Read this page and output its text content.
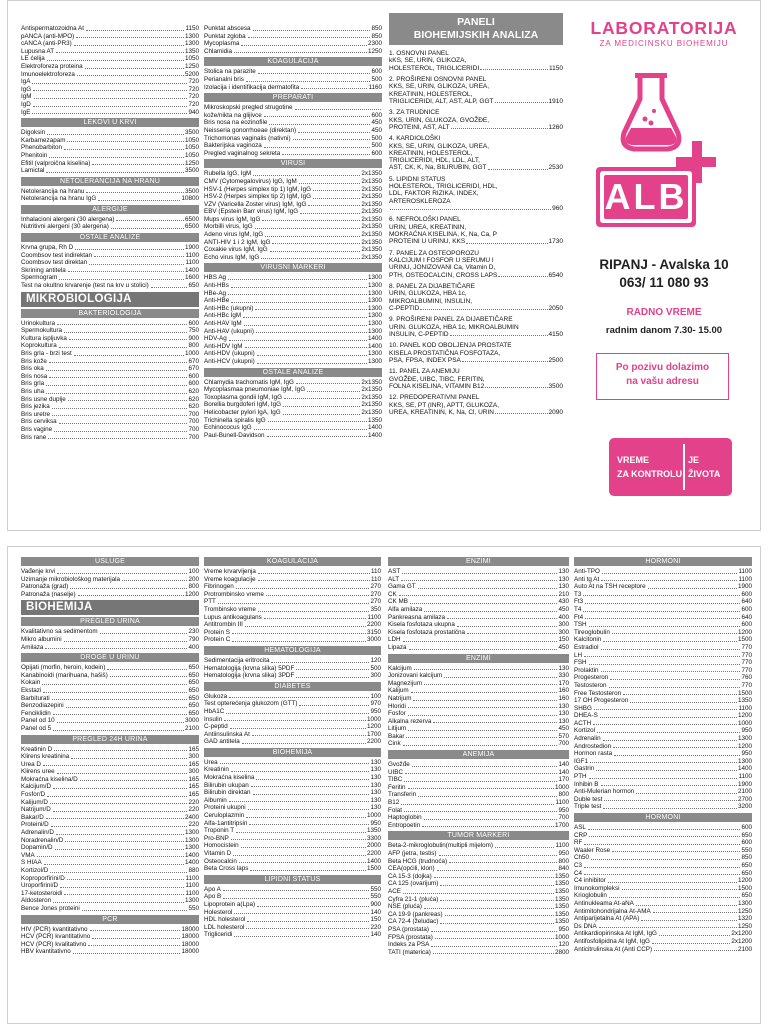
Antispermatozoidna At	1150
pANCA (anti-MPO)	1300
cANCA (anti-PR3)	1300
Lupusna AT	1350
LE ćelija	1050
Elektroforeza proteina	1250
Imunoelektroforeza	5200
IgA	720
IgG	720
IgM	720
IgD	720
IgE	940
LEKOVI U KRVI
Digoksin	3500
Karbamezapam	1050
Phenobarbiton	1050
Phenitoin	1050
Efitil (valproična kiselina)	1250
Lamictal	3500
NETOLERANCIJA NA HRANU
Netolerancija na hranu	3500
Netolerancija na hranu IgG	10800
ALERGIJE
Inhalacioni alergeni (30 alergena)	6500
Nutritivni alergeni (30 alergena)	6500
OSTALE ANALIZE
Krvna grupa, Rh D	1900
Coombsov test indirektan	1100
Coombsov test direktan	1100
Skrining antitela	1400
Spermogram	1600
Test na okultno krvarenje (test na krv u stolici)	650
MIKROBIOLOGIJA
BAKTERIOLOGIJA
Urinokultura	600
Spermokultura	750
Kultura ispljuvka	900
Koprokultura	800
Bris grla - brzi test	1000
Bris kože	670
Bris oka	670
Bris nosa	600
Bris grla	600
Bris uha	620
Bris usne duplje	620
Bris jezika	620
Bris uretre	700
Bris cerviksa	700
Bris vagine	700
Bris rane	700
Punktat abscesa	850
Punktat zgloba	850
Mycoplasma	2300
Chlamidia	1250
KOAGULACIJA
Stolica na parazite	600
Perianalni bris	500
Izolacija i identifikacija dermatofita	1160
PREPARATI
Mikroskopski pregled strugotine
kože/nikta na glijivce	600
Bris nosa na eozinofile	450
Neisseria gonorrhoeae (direktan)	450
Trichomonas vaginalis (nativni)	500
Bakterijska vaginoza	500
Pregled vaginalnog sekreta	600
VIRUSI
Rubella IgG, IgM	2x1350
CMV (Cytomegalovirus) IgG, IgM	2x1350
HSV-1 (Herpes simplex tip 1) IgM, IgG	2x1350
HSV-2 (Herpes simplex tip 2) IgM, IgG	2x1350
VZV (Varicella Zoster virus) IgM, IgG	2x1350
EBV (Epstein Barr virus) IgM, IgG	2x1350
Mups virus IgM, IgG	2x1350
Morbilli virus, IgG	2x1350
Adeno virus IgM, IgG	2x1350
ANTI-HIV 1 i 2 IgM, IgG	2x1350
Coxakie virus IgM, IgG	2x1350
Echo virus IgM, IgG	2x1350
VIRUSNI MARKERI
HBS Ag	1300
Anti-HBs	1300
HBe-Ag	1300
Anti-HBe	1300
Anti-HBc (ukupni)	1300
Anti-HBc IgM	1300
Anti-HAV IgM	1300
Anti-HAV (ukupni)	1300
HDV-Ag	1400
Anti-HDV IgM	1400
Anti-HDV (ukupni)	1300
Anti-HCV (ukupni)	1300
OSTALE ANALIZE
Chlamydia trachomatis IgM, IgG	2x1350
Mycoplasmaa pneumoniae IgM, IgG	2x1350
Toxoplasma gondii IgM, IgG	2x1350
Borellia burgdoferi IgM, IgG	2x1350
Helicobacter pylori IgA, IgG	2x1350
Trichinella spiralis IgG	1350
Echinococus IgG	1400
Paul-Bunell-Davidson	1400
PANELI
BIOHEMIJSKIH ANALIZA
1. OSNOVNI PANEL
kKS, SE, URIN, GLIKOZA,
HOLESTEROL, TRIGLICERIDI	1150
2. PROŠIRENI OSNOVNI PANEL
KKS, SE, URIN, GLIKOZA, UREA,
KREATININ, HOLESTEROL,
TRIGLICERIDI, ALT, AST, ALP, GGT	1910
3. ZA TRUDNICE
KKS, URIN, GLUKOZA, GVOŽĐE,
PROTEINI, AST, ALT	1260
4. KARDIOLOŠKI
KKS, SE, URIN, GLIKOZA, UREA,
KREATININ, HOLESTEROL,
TRIGLICERIDI, HDL, LDL, ALT,
AST, CK, K, Na, BILIRUBIN, GGT	2530
5. LIPIDNI STATUS
HOLESTEROL, TRIGLICERIDI, HDL,
LDL, FAKTOR RIZIKA, INDEX,
ARTEROSKLEROZA
960
6. NEFROLOŠKI PANEL
URIN, UREA, KREATININ,
MOKRAĆNA KISELINA, K, Na, Ca, P
PROTEINI U URINU, KKS	1730
7. PANEL ZA OSTEOPOROZU
KALCIJUM I FOSFOR U SERUMU I
URINU, JONIZOVANI Ca, Vitamin D,
PTH, OSTEOCALCIN, CROSS LAPS	6540
8. PANEL ZA DIJABETIČARE
URIN, GLUKOZA, HBA 1c,
MIKROALBUMINI, INSULIN,
C-PEPTID	2050
9. PROŠIRENI PANEL ZA DIJABETIČARE
URIN. GLUKOZA, HBA 1c, MIKROALBUMIN
INSULIN, C-PEPTID	4150
10. PANEL KOD OBOLJENJA PROSTATE
KISELA PROSTATIČNA FOSFOTAZA,
PSA, FPSA, INDEX PSA	2500
11. PANEL ZA ANEMIJU
GVOŽĐE, UIBC, TIBC, FERITIN,
FOLNA KISELINA, VITAMIN B12	3500
12. PREDOPERATIVNI PANEL
KKS, SE, PT (INR), APTT, GLUKOZA,
UREA, KREATININ, K, Na, Cl, URIN	2090
LABORATORIJA
ZA MEDICINSKU BIOHEMIJU
ALB
RIPANJ - Avalska 10
063/ 11 080 93
RADNO VREME
radnim danom 7.30- 15.00
Po pozivu dolazimo
na vašu adresu
VREME
ZA KONTROLU
JE
ŽIVOTA
USLUGE
Vađenje krvi	100
Uzimanje mikrobiološkog materijala	200
Patronaža (grad)	800
Patronaža (naselje)	1200
BIOHEMIJA
PREGLED URINA
Kvalitativno sa sedimentom	230
Mikro albumini	790
Amilaza	400
DROGE U URINU
Opijati (morfin, heroin, kodein)	650
Kanabinoidi (marihuana, hašiš)	650
Kokain	650
Ekstazi	650
Barbiturati	650
Benzodiazepini	650
Fenciklidin	650
Panel od 10	3000
Panel od 5	2100
PREGLED 24H URINA
Kreatinin D	165
Klirens kreatinina	300
Urea D	165
Klirens uree	300
Mokraćna kiselina/D	165
Kalcijum/D	165
Fosfor/D	165
Kalijum/D	220
Natrijum/D	220
Bakar/D	2400
Proteini/D	220
Adrenalin/D	1300
Noradrenalin/D	1300
Dopamin/D	1300
VMA	1400
S HIAA	1400
Kortizol/D	880
Koproporfirini/D	1100
Uroporfirini/D	1100
17-ketosteroidi	1100
Aldosteron	1300
Bence Jones proteini	550
PCR
HIV (PCR) kvantitativno	18000
HCV (PCR) kvantitativno	18000
HCV (PCR) kvalitativno	18000
HBV kvantitativno	18000
KOAGULACIJA
Vreme krvarvljenja	110
Vreme koagulacije	110
Fibrinogen	270
Protrombinsko vreme	270
PTT	270
Trombinsko vreme	350
Lupus antikoagulans	1100
Antitrombin III	2200
Protein S	3150
Protein C	3000
HEMATOLOGIJA
Sedimentacija eritrocita	120
Hematologija (krvna slika) 5PDF	500
Hematologija (krvna slika) 3PDF	300
DIABETES
Glukoza	100
Test opterećenja glukozom (GTT)	970
HbA1C	950
Insulin	1000
C-peptid	1200
Antiinsulinska At	1700
GAD antitela	2200
BIOHEMIJA
Urea	130
Kreatinin	130
Mokraćna kiselina	130
Bilirubin ukupan	130
Bilirubin direktan	130
Albumin	130
Proteini ukupni	130
Ceruloplazmin	1000
Alfa-1antitripsin	950
Troponin T	1350
Pro-BNP	3300
Homocistein	2000
Vitamin D	2200
Osteocalcin	1400
Beta Cross laps	1500
LIPIDNI STATUS
Apo A	550
Apo B	550
Lipoprotein a(Lpa)	900
Holesterol	140
HDL holesterol	150
LDL holesterol	220
Trigliceridi	140
ENZIMI
AST	130
ALT	130
Gama GT	130
CK	210
CK MB	430
Alfa amilaza	450
Pankreasna amilaza	400
Kisela fosfotaza ukupna	300
Kisela fosfotaza prostatična	300
LDH	150
Lipaza	450
ENZIMI
Kalcijum	130
Jonizovani kalcijum	330
Magnezijum	170
Kalijum	160
Natrijum	160
Hloridi	130
Fosfor	130
Alkalna rezerva	130
Litijum	450
Bakar	570
Cink	700
ANEMIJA
Gvožđe	140
UIBC	140
TIBC	170
Feritin	1000
Transferin	800
B12	1100
Folat	950
Haptoglobin	700
Entropoetin	1700
TUMOR MARKERI
Beta-2-mikroglobulin(multipli mijelom)	1100
AFP (jetra, testis)	950
Beta HCG (trudnoća)	800
CEA(općili, klon)	840
CA 15-3 (dojka)	1350
CA 125 (ovarijum)	1350
ACE	1350
Cyfra 21-1 (pluća)	1350
NSE (pluća)	1350
CA 19-9 (pankreas)	1350
CA 72-4 (želudac)	1350
PSA (prostata)	950
FPSA (prostata)	1000
Indeks za PSA	120
TATI (materica)	2800
HORMONI
Anti-TPO	1100
Anti tg At	1100
Auto At na TSH receptore	1900
T3	600
Ft3	640
T4	600
Ft4	640
TSH	600
Tireoglobulin	1200
Kalcitonin	1500
Estradiol	770
LH	770
FSH	770
Prolaktin	770
Progesteron	760
Testosteron	770
Free Testosteron	1500
17 OH Progesteron	1350
SHBG	1100
DHEA-S	1200
ACTH	1000
Kortizol	950
Adrenalin	1300
Androstedion	1200
Hormon rasta	950
IGF1	1300
Gastrin	1400
PTH	1100
Inhibin B	1900
Anti-Mulerian hormon	2100
Duble test	2700
Triple test	3200
HORMONI
ASL	600
CRP	650
RF	600
Waaler Rose	550
Ch50	850
C3	650
C4	650
C4 inhibitor	1200
Imunokompleksi	1500
Krioglobulin	650
Antinukleama At-aNA	1300
Antimitohondrijalna At-AMA	1250
Antiparijetalna At (APA)	1320
Ds DNA	1250
Antikardiopirinska At IgM, IgG	2x1200
Antifosfolipidna At IgM, IgG	2x1200
Anticitrulinska At (Anti CCP)	2100
